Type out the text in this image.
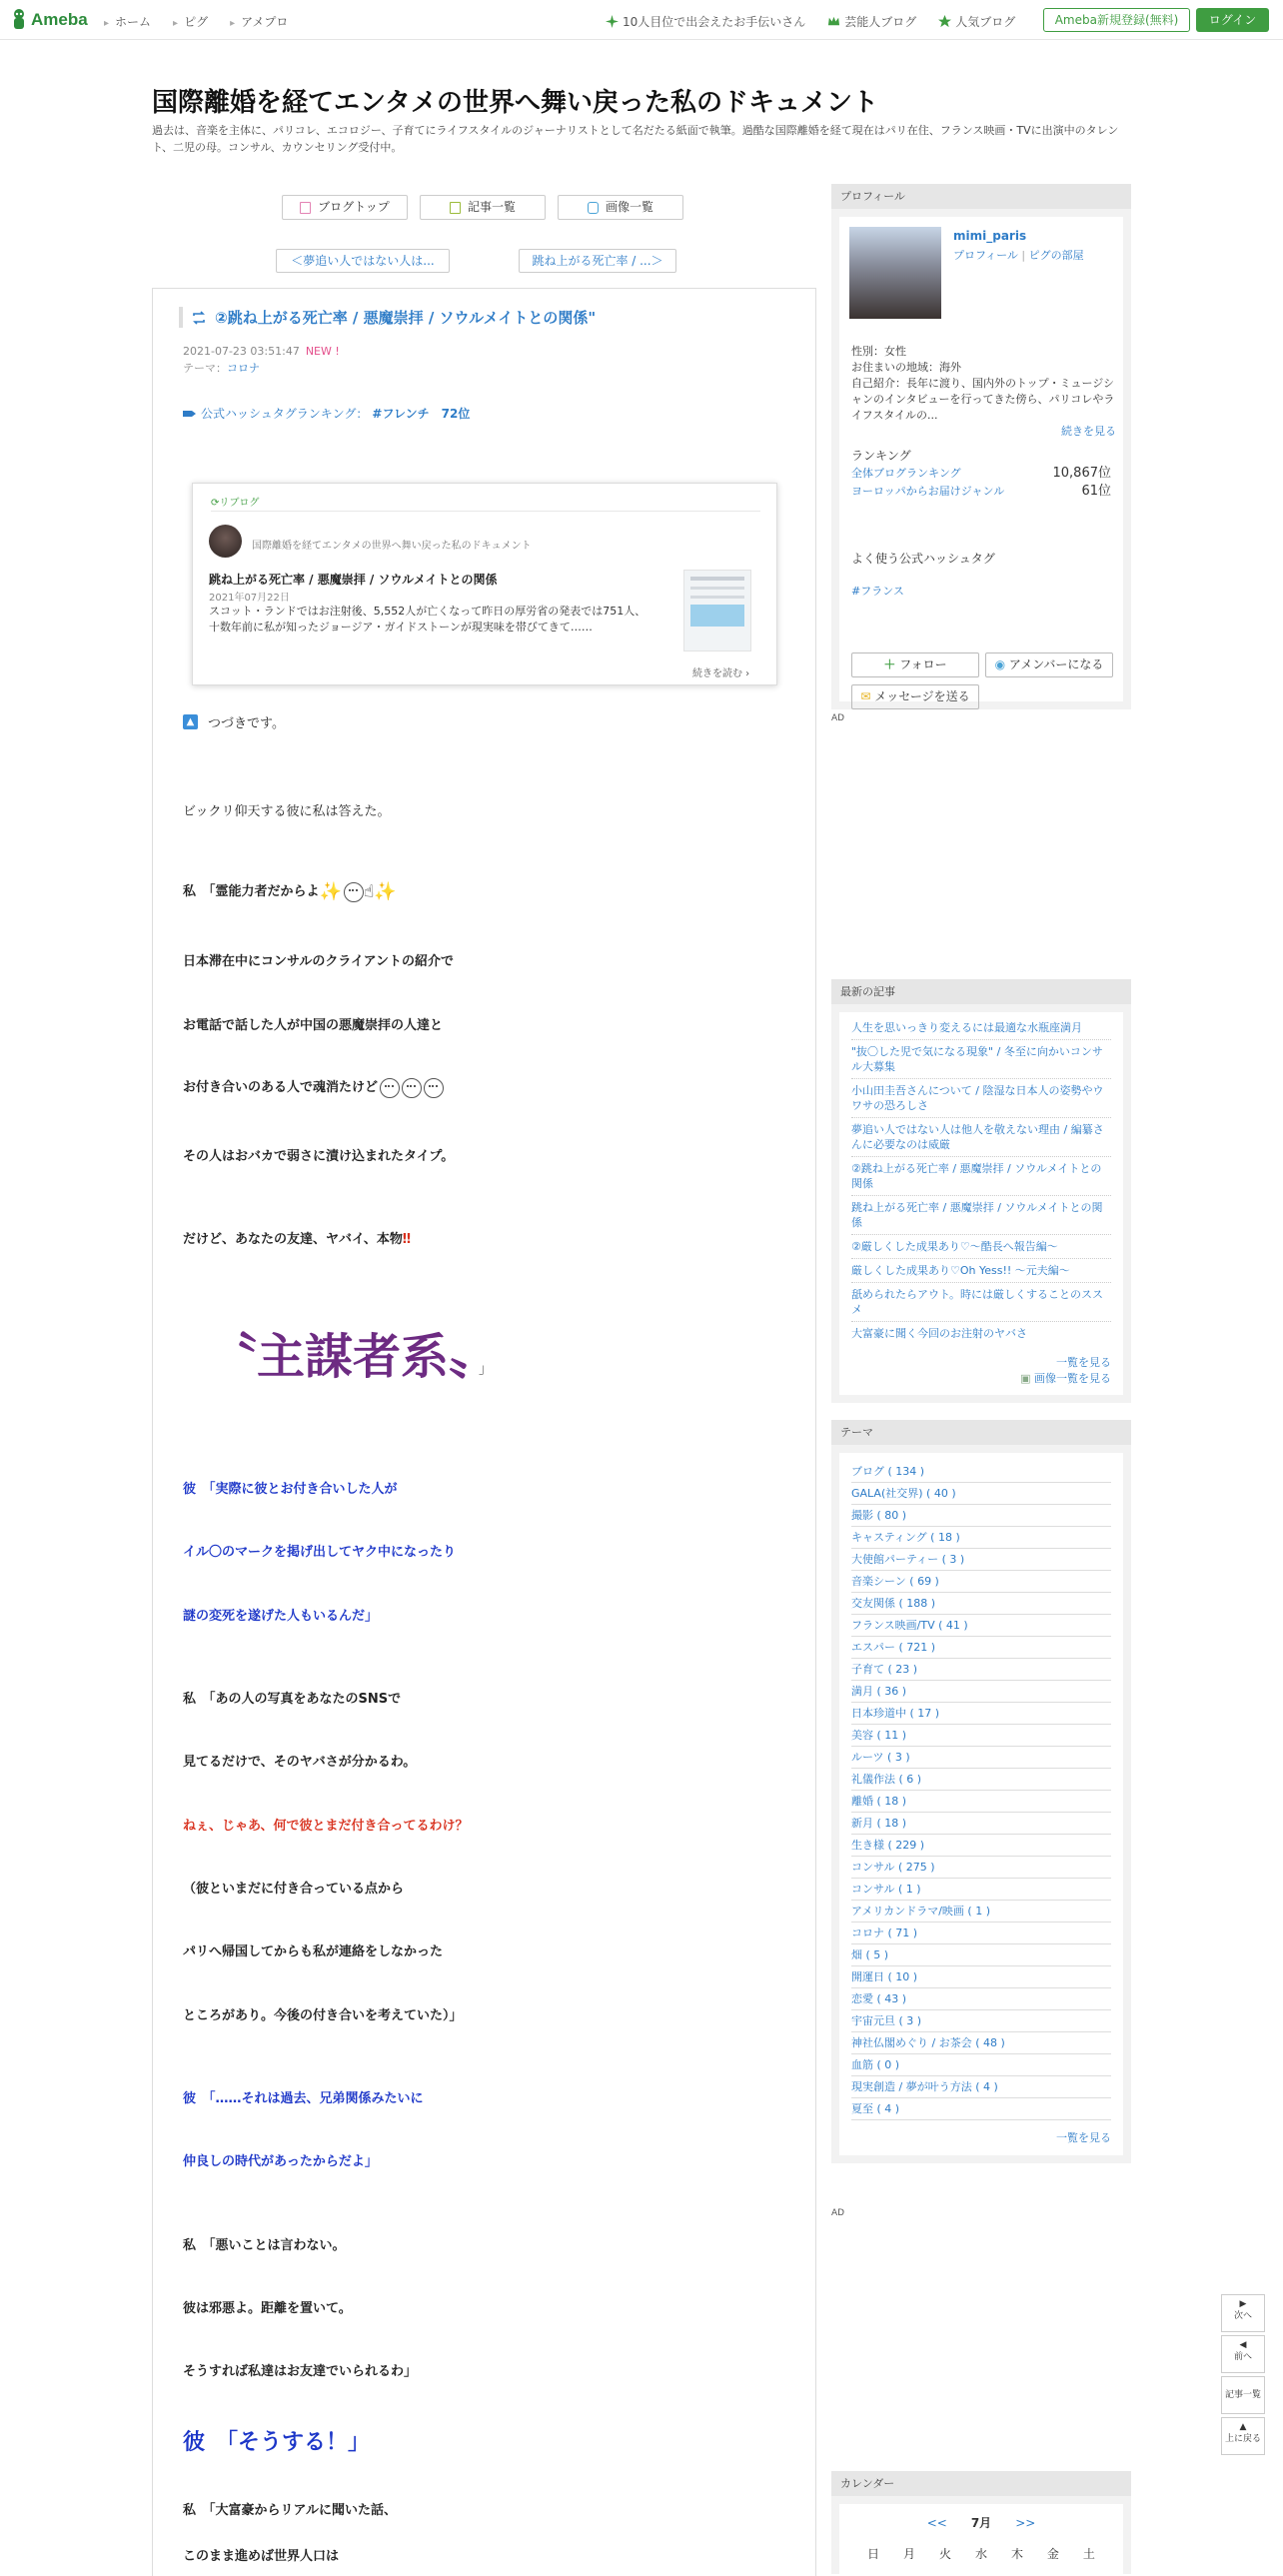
Ameba	▸ ホーム	▸ ピグ	▸ アメプロ	10人目位で出会えたお手伝いさん	芸能人ブログ	人気ブログ	Ameba新規登録(無料)	ログイン
国際離婚を経てエンタメの世界へ舞い戻った私のドキュメント
過去は、音楽を主体に、パリコレ、エコロジー、子育てにライフスタイルのジャーナリストとして名だたる紙面で執筆。過酷な国際離婚を経て現在はパリ在住、フランス映画・TVに出演中のタレント、二児の母。コンサル、カウンセリング受付中。
ブログトップ	記事一覧	画像一覧
＜夢追い人ではない人は...	跳ね上がる死亡率 / ...＞
②跳ね上がる死亡率 / 悪魔崇拝 / ソウルメイトとの関係"
2021-07-23 03:51:47 NEW !
テーマ：コロナ
公式ハッシュタグランキング： #フレンチ　72位
⟳リブログ
国際離婚を経てエンタメの世界へ舞い戻った私のドキュメント
跳ね上がる死亡率 / 悪魔崇拝 / ソウルメイトとの関係
2021年07月22日
スコット・ランドではお注射後、5,552人が亡くなって昨日の厚労省の発表では751人、十数年前に私が知ったジョージア・ガイドストーンが現実味を帯びてきて……
続きを読む ›
▲ つづきです。
ビックリ仰天する彼に私は答えた。
私　「霊能力者だからよ✨ ☝✨
日本滞在中にコンサルのクライアントの紹介で
お電話で話した人が中国の悪魔崇拝の人達と
お付き合いのある人で魂消たけど
その人はおバカで弱さに漬け込まれたタイプ。
だけど、あなたの友達、ヤバイ、本物‼
〝主謀者系〟 」
彼　「実際に彼とお付き合いした人が
イル〇のマークを掲げ出してヤク中になったり
謎の変死を遂げた人もいるんだ」
私　「あの人の写真をあなたのSNSで
見てるだけで、そのヤバさが分かるわ。
ねぇ、じゃあ、何で彼とまだ付き合ってるわけ？
（彼といまだに付き合っている点から
パリへ帰国してからも私が連絡をしなかった
ところがあり。今後の付き合いを考えていた）」
彼　「……それは過去、兄弟関係みたいに
仲良しの時代があったからだよ」
私　「悪いことは言わない。
彼は邪悪よ。距離を置いて。
そうすれば私達はお友達でいられるわ」
彼　「そうする！」
私　「大富豪からリアルに聞いた話、
このまま進めば世界人口は
プロフィール
mimi_paris
プロフィール | ピグの部屋
性別：女性
お住まいの地域：海外
自己紹介：長年に渡り、国内外のトップ・ミュージシャンのインタビューを行ってきた傍ら、パリコレやライフスタイルの...
続きを見る
ランキング
全体ブログランキング	10,867位
ヨーロッパからお届けジャンル	61位
よく使う公式ハッシュタグ
#フランス
＋ フォロー	◉ アメンバーになる
✉ メッセージを送る
AD
最新の記事
人生を思いっきり変えるには最適な水瓶座満月
"抜〇した児で気になる現象" / 冬至に向かいコンサル大募集
小山田圭吾さんについて / 陰湿な日本人の姿勢やウワサの恐ろしさ
夢追い人ではない人は他人を敬えない理由 / 編纂さんに必要なのは威厳
②跳ね上がる死亡率 / 悪魔崇拝 / ソウルメイトとの関係
跳ね上がる死亡率 / 悪魔崇拝 / ソウルメイトとの関係
②厳しくした成果あり♡〜酷長へ報告編〜
厳しくした成果あり♡Oh Yess!! 〜元夫編〜
舐められたらアウト。時には厳しくすることのススメ
大富豪に聞く今回のお注射のヤバさ
一覧を見る
▣ 画像一覧を見る
テーマ
ブログ ( 134 )
GALA(社交界) ( 40 )
撮影 ( 80 )
キャスティング ( 18 )
大使館パーティー ( 3 )
音楽シーン ( 69 )
交友関係 ( 188 )
フランス映画/TV ( 41 )
エスパー ( 721 )
子育て ( 23 )
満月 ( 36 )
日本珍道中 ( 17 )
美容 ( 11 )
ルーツ ( 3 )
礼儀作法 ( 6 )
離婚 ( 18 )
新月 ( 18 )
生き様 ( 229 )
コンサル ( 275 )
コンサル ( 1 )
アメリカンドラマ/映画 ( 1 )
コロナ ( 71 )
畑 ( 5 )
開運日 ( 10 )
恋愛 ( 43 )
宇宙元旦 ( 3 )
神社仏閣めぐり / お茶会 ( 48 )
血筋 ( 0 )
現実創造 / 夢が叶う方法 ( 4 )
夏至 ( 4 )
一覧を見る
AD
▶
次へ
◀
前へ
記事一覧
▲
上に戻る
カレンダー
<<　　 7月　　 >>
日 月 火 水 木 金 土
